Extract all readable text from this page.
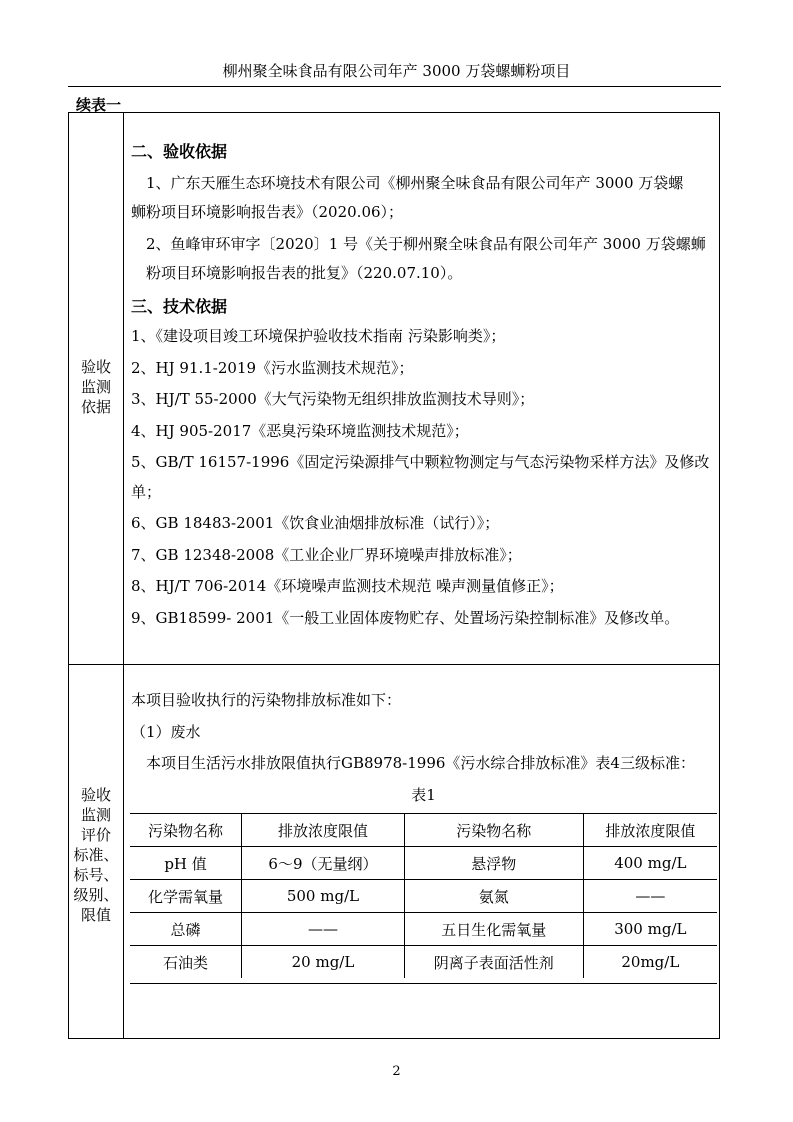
柳州聚全味食品有限公司年产 3000 万袋螺蛳粉项目
续表一
验收
监测
依据
二、验收依据
1、广东天雁生态环境技术有限公司《柳州聚全味食品有限公司年产 3000 万袋螺
蛳粉项目环境影响报告表》（2020.06）；
2、鱼峰审环审字〔2020〕1 号《关于柳州聚全味食品有限公司年产 3000 万袋螺蛳
粉项目环境影响报告表的批复》（220.07.10）。
三、技术依据
1、《建设项目竣工环境保护验收技术指南 污染影响类》；
2、HJ 91.1-2019《污水监测技术规范》；
3、HJ/T 55-2000《大气污染物无组织排放监测技术导则》；
4、HJ 905-2017《恶臭污染环境监测技术规范》；
5、GB/T 16157-1996《固定污染源排气中颗粒物测定与气态污染物采样方法》及修改
单；
6、GB 18483-2001《饮食业油烟排放标准（试行）》；
7、GB 12348-2008《工业企业厂界环境噪声排放标准》；
8、HJ/T 706-2014《环境噪声监测技术规范 噪声测量值修正》；
9、GB18599- 2001《一般工业固体废物贮存、处置场污染控制标准》及修改单。
验收
监测
评价
标准、
标号、
级别、
限值
本项目验收执行的污染物排放标准如下：
（1）废水
本项目生活污水排放限值执行GB8978-1996《污水综合排放标准》表4三级标准：
表1
污染物名称	排放浓度限值	污染物名称	排放浓度限值
pH 值	6～9（无量纲）	悬浮物	400 mg/L
化学需氧量	500 mg/L	氨氮	——
总磷	——	五日生化需氧量	300 mg/L
石油类	20 mg/L	阴离子表面活性剂	20mg/L
2
